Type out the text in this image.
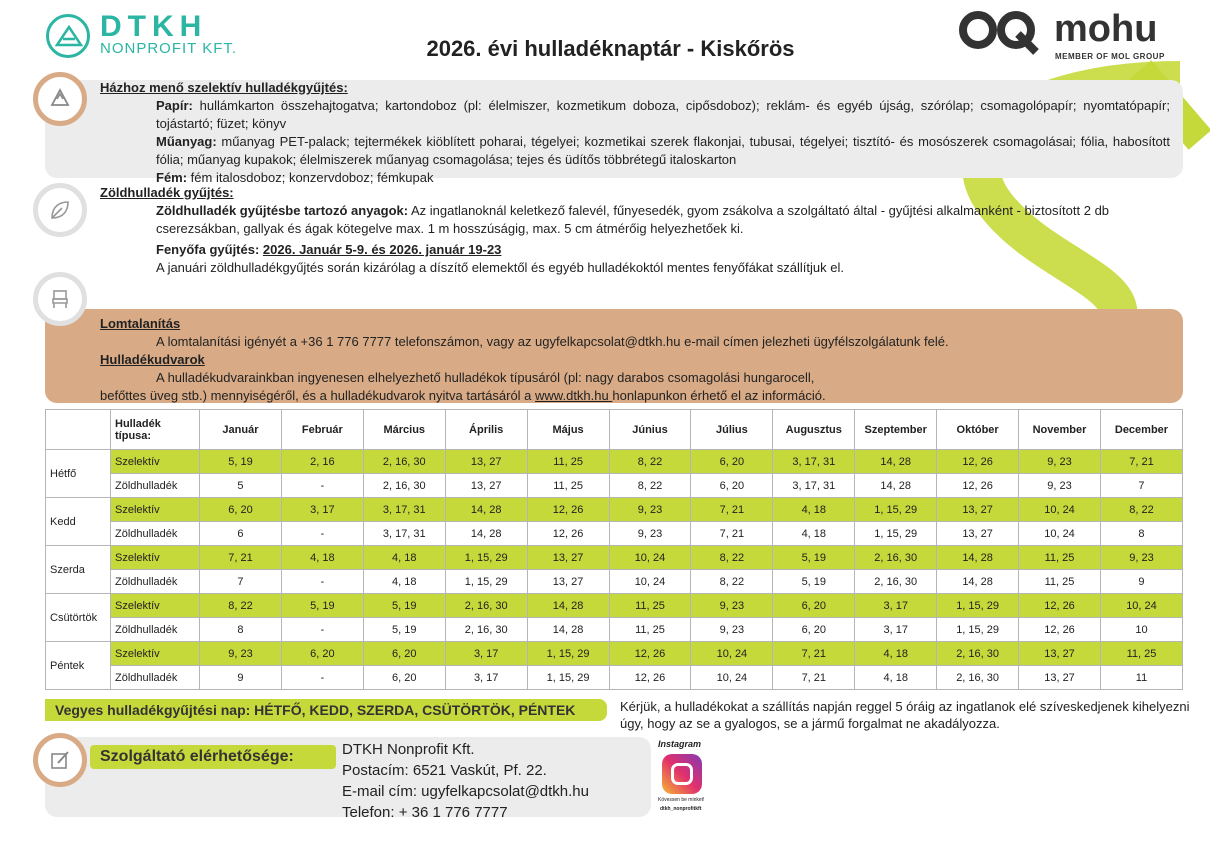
DTKH
NONPROFIT KFT.	2026. évi hulladéknaptár - Kiskőrös	mohu
MEMBER OF MOL GROUP
Házhoz menő szelektív hulladékgyűjtés:
Papír: hullámkarton összehajtogatva; kartondoboz (pl: élelmiszer, kozmetikum doboza, cipősdoboz); reklám- és egyéb újság, szórólap; csomagolópapír; nyomtatópapír; tojástartó; füzet; könyv
Műanyag: műanyag PET-palack; tejtermékek kiöblített poharai, tégelyei; kozmetikai szerek flakonjai, tubusai, tégelyei; tisztító- és mosószerek csomagolásai; fólia, habosított fólia; műanyag kupakok; élelmiszerek műanyag csomagolása; tejes és üdítős többrétegű italoskarton
Fém: fém italosdoboz; konzervdoboz; fémkupak
Zöldhulladék gyűjtés:
Zöldhulladék gyűjtésbe tartozó anyagok: Az ingatlanoknál keletkező falevél, fűnyesedék, gyom zsákolva a szolgáltató által - gyűjtési alkalmanként - biztosított 2 db cserezsákban, gallyak és ágak kötegelve max. 1 m hosszúságig, max. 5 cm átmérőig helyezhetőek ki.
Fenyőfa gyűjtés: 2026. Január 5-9. és 2026. január 19-23
A januári zöldhulladékgyűjtés során kizárólag a díszítő elemektől és egyéb hulladékoktól mentes fenyőfákat szállítjuk el.
Lomtalanítás
A lomtalanítási igényét a +36 1 776 7777 telefonszámon, vagy az ugyfelkapcsolat@dtkh.hu e-mail címen jelezheti ügyfélszolgálatunk felé.
Hulladékudvarok
A hulladékudvarainkban ingyenesen elhelyezhető hulladékok típusáról (pl: nagy darabos csomagolási hungarocell,
befőttes üveg stb.) mennyiségéről, és a hulladékudvarok nyitva tartásáról a www.dtkh.hu honlapunkon érhető el az információ.
	Hulladék típusa:	Január	Február	Március	Április	Május	Június	Július	Augusztus	Szeptember	Október	November	December
Hétfő	Szelektív	5, 19	2, 16	2, 16, 30	13, 27	11, 25	8, 22	6, 20	3, 17, 31	14, 28	12, 26	9, 23	7, 21
	Zöldhulladék	5	-	2, 16, 30	13, 27	11, 25	8, 22	6, 20	3, 17, 31	14, 28	12, 26	9, 23	7
Kedd	Szelektív	6, 20	3, 17	3, 17, 31	14, 28	12, 26	9, 23	7, 21	4, 18	1, 15, 29	13, 27	10, 24	8, 22
	Zöldhulladék	6	-	3, 17, 31	14, 28	12, 26	9, 23	7, 21	4, 18	1, 15, 29	13, 27	10, 24	8
Szerda	Szelektív	7, 21	4, 18	4, 18	1, 15, 29	13, 27	10, 24	8, 22	5, 19	2, 16, 30	14, 28	11, 25	9, 23
	Zöldhulladék	7	-	4, 18	1, 15, 29	13, 27	10, 24	8, 22	5, 19	2, 16, 30	14, 28	11, 25	9
Csütörtök	Szelektív	8, 22	5, 19	5, 19	2, 16, 30	14, 28	11, 25	9, 23	6, 20	3, 17	1, 15, 29	12, 26	10, 24
	Zöldhulladék	8	-	5, 19	2, 16, 30	14, 28	11, 25	9, 23	6, 20	3, 17	1, 15, 29	12, 26	10
Péntek	Szelektív	9, 23	6, 20	6, 20	3, 17	1, 15, 29	12, 26	10, 24	7, 21	4, 18	2, 16, 30	13, 27	11, 25
	Zöldhulladék	9	-	6, 20	3, 17	1, 15, 29	12, 26	10, 24	7, 21	4, 18	2, 16, 30	13, 27	11
Vegyes hulladékgyűjtési nap: HÉTFŐ, KEDD, SZERDA, CSÜTÖRTÖK, PÉNTEK	Kérjük, a hulladékokat a szállítás napján reggel 5 óráig az ingatlanok elé szíveskedjenek kihelyezni úgy, hogy az se a gyalogos, se a jármű forgalmat ne akadályozza.
Szolgáltató elérhetősége:	DTKH Nonprofit Kft.
Postacím: 6521 Vaskút, Pf. 22.
E-mail cím: ugyfelkapcsolat@dtkh.hu
Telefon: + 36 1 776 7777
Instagram
Kövessen be minket!
dtkh_nonprofitkft
